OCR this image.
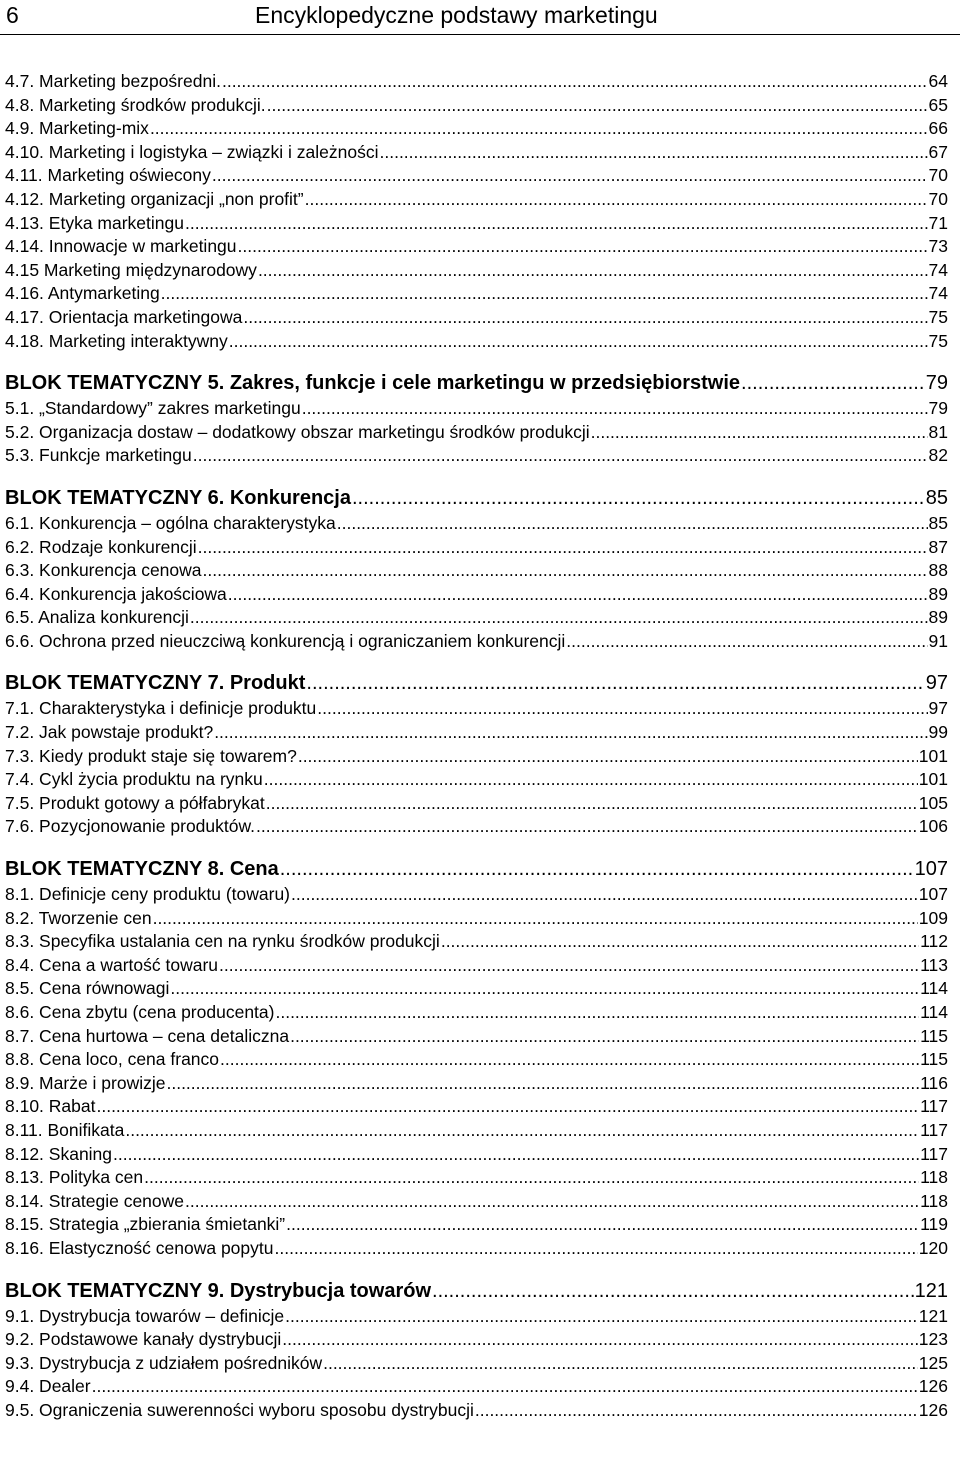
6	Encyklopedyczne podstawy marketingu
4.7. Marketing bezpośredni. .....	64
4.8. Marketing środków produkcji. .....	65
4.9. Marketing-mix .....	66
4.10. Marketing i logistyka – związki i zależności .....	67
4.11. Marketing oświecony .....	70
4.12. Marketing organizacji „non profit” .....	70
4.13. Etyka marketingu .....	71
4.14. Innowacje w marketingu .....	73
4.15 Marketing międzynarodowy .....	74
4.16. Antymarketing .....	74
4.17. Orientacja marketingowa .....	75
4.18. Marketing interaktywny .....	75
BLOK TEMATYCZNY 5. Zakres, funkcje i cele marketingu w przedsiębiorstwie .....	79
5.1. „Standardowy” zakres marketingu .....	79
5.2. Organizacja dostaw – dodatkowy obszar marketingu środków produkcji .....	81
5.3. Funkcje marketingu .....	82
BLOK TEMATYCZNY 6. Konkurencja .....	85
6.1. Konkurencja – ogólna charakterystyka .....	85
6.2. Rodzaje konkurencji .....	87
6.3. Konkurencja cenowa .....	88
6.4. Konkurencja jakościowa .....	89
6.5. Analiza konkurencji .....	89
6.6. Ochrona przed nieuczciwą konkurencją i ograniczaniem konkurencji .....	91
BLOK TEMATYCZNY 7. Produkt .....	97
7.1. Charakterystyka i definicje produktu .....	97
7.2. Jak powstaje produkt? .....	99
7.3. Kiedy produkt staje się towarem? .....	101
7.4. Cykl życia produktu na rynku .....	101
7.5. Produkt gotowy a półfabrykat .....	105
7.6. Pozycjonowanie produktów. .....	106
BLOK TEMATYCZNY 8. Cena .....	107
8.1. Definicje ceny produktu (towaru) .....	107
8.2. Tworzenie cen .....	109
8.3. Specyfika ustalania cen na rynku środków produkcji .....	112
8.4. Cena a wartość towaru .....	113
8.5. Cena równowagi .....	114
8.6. Cena zbytu (cena producenta) .....	114
8.7. Cena hurtowa – cena detaliczna .....	115
8.8. Cena loco, cena franco .....	115
8.9. Marże i prowizje .....	116
8.10. Rabat .....	117
8.11. Bonifikata .....	117
8.12. Skaning .....	117
8.13. Polityka cen .....	118
8.14. Strategie cenowe .....	118
8.15. Strategia „zbierania śmietanki” .....	119
8.16. Elastyczność cenowa popytu .....	120
BLOK TEMATYCZNY 9. Dystrybucja towarów .....	121
9.1. Dystrybucja towarów – definicje .....	121
9.2. Podstawowe kanały dystrybucji .....	123
9.3. Dystrybucja z udziałem pośredników .....	125
9.4. Dealer .....	126
9.5. Ograniczenia suwerenności wyboru sposobu dystrybucji .....	126
